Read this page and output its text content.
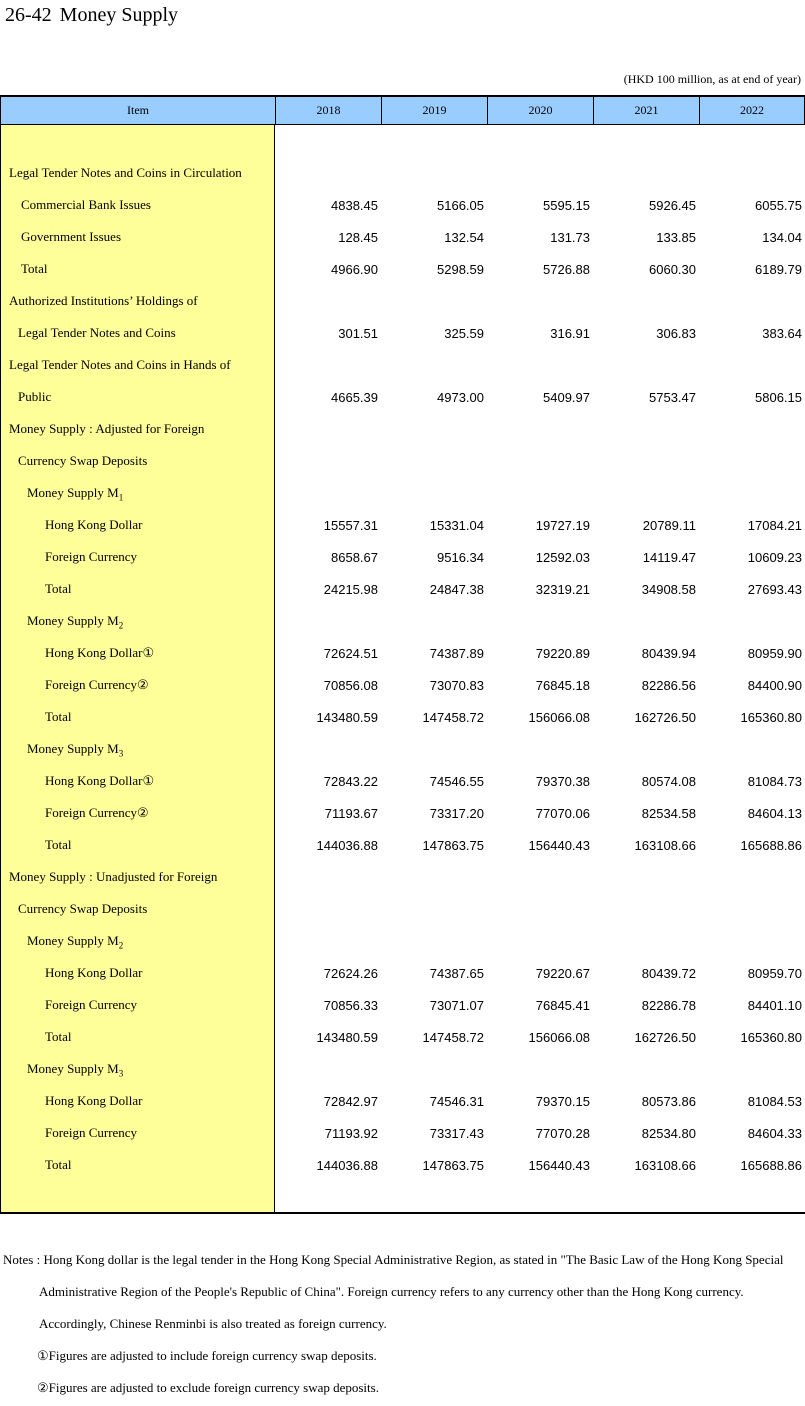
26-42 Money Supply
(HKD 100 million, as at end of year)
Item	2018	2019	2020	2021	2022
Legal Tender Notes and Coins in Circulation
Commercial Bank Issues	4838.45	5166.05	5595.15	5926.45	6055.75
Government Issues	128.45	132.54	131.73	133.85	134.04
Total	4966.90	5298.59	5726.88	6060.30	6189.79
Authorized Institutions’ Holdings of
Legal Tender Notes and Coins	301.51	325.59	316.91	306.83	383.64
Legal Tender Notes and Coins in Hands of
Public	4665.39	4973.00	5409.97	5753.47	5806.15
Money Supply : Adjusted for Foreign
Currency Swap Deposits
Money Supply $M_1$
Hong Kong Dollar	15557.31	15331.04	19727.19	20789.11	17084.21
Foreign Currency	8658.67	9516.34	12592.03	14119.47	10609.23
Total	24215.98	24847.38	32319.21	34908.58	27693.43
Money Supply $M_2$
Hong Kong Dollar①	72624.51	74387.89	79220.89	80439.94	80959.90
Foreign Currency②	70856.08	73070.83	76845.18	82286.56	84400.90
Total	143480.59	147458.72	156066.08	162726.50	165360.80
Money Supply $M_3$
Hong Kong Dollar①	72843.22	74546.55	79370.38	80574.08	81084.73
Foreign Currency②	71193.67	73317.20	77070.06	82534.58	84604.13
Total	144036.88	147863.75	156440.43	163108.66	165688.86
Money Supply : Unadjusted for Foreign
Currency Swap Deposits
Money Supply $M_2$
Hong Kong Dollar	72624.26	74387.65	79220.67	80439.72	80959.70
Foreign Currency	70856.33	73071.07	76845.41	82286.78	84401.10
Total	143480.59	147458.72	156066.08	162726.50	165360.80
Money Supply $M_3$
Hong Kong Dollar	72842.97	74546.31	79370.15	80573.86	81084.53
Foreign Currency	71193.92	73317.43	77070.28	82534.80	84604.33
Total	144036.88	147863.75	156440.43	163108.66	165688.86
Notes : Hong Kong dollar is the legal tender in the Hong Kong Special Administrative Region, as stated in "The Basic Law of the Hong Kong Special
Administrative Region of the People's Republic of China". Foreign currency refers to any currency other than the Hong Kong currency.
Accordingly, Chinese Renminbi is also treated as foreign currency.
①Figures are adjusted to include foreign currency swap deposits.
②Figures are adjusted to exclude foreign currency swap deposits.
